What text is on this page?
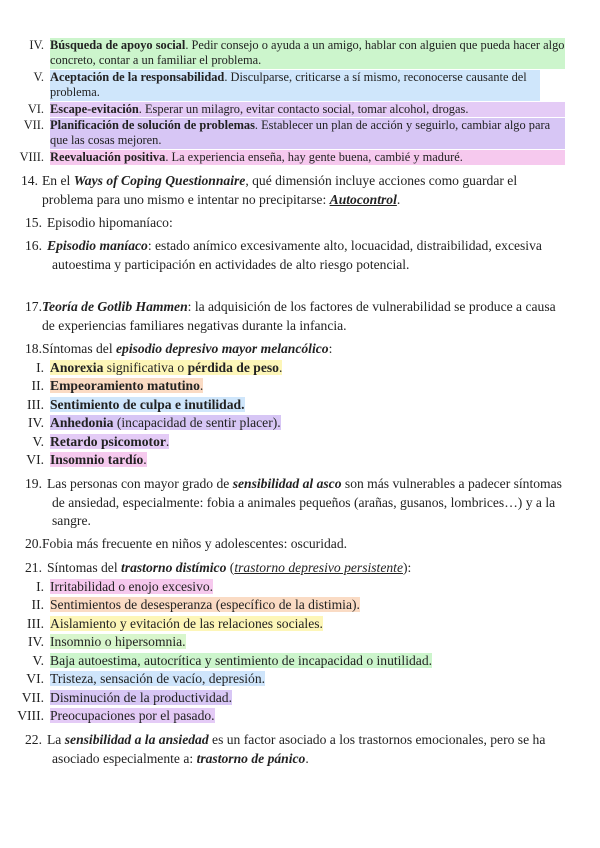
IV. Búsqueda de apoyo social. Pedir consejo o ayuda a un amigo, hablar con alguien que pueda hacer algo concreto, contar a un familiar el problema.
V. Aceptación de la responsabilidad. Disculparse, criticarse a sí mismo, reconocerse causante del problema.
VI. Escape-evitación. Esperar un milagro, evitar contacto social, tomar alcohol, drogas.
VII. Planificación de solución de problemas. Establecer un plan de acción y seguirlo, cambiar algo para que las cosas mejoren.
VIII. Reevaluación positiva. La experiencia enseña, hay gente buena, cambié y maduré.
14. En el Ways of Coping Questionnaire, qué dimensión incluye acciones como guardar el problema para uno mismo e intentar no precipitarse: Autocontrol.
15. Episodio hipomaníaco:
16. Episodio maníaco: estado anímico excesivamente alto, locuacidad, distraibilidad, excesiva autoestima y participación en actividades de alto riesgo potencial.
17. Teoría de Gotlib Hammen: la adquisición de los factores de vulnerabilidad se produce a causa de experiencias familiares negativas durante la infancia.
18. Síntomas del episodio depresivo mayor melancólico:
I. Anorexia significativa o pérdida de peso.
II. Empeoramiento matutino.
III. Sentimiento de culpa e inutilidad.
IV. Anhedonia (incapacidad de sentir placer).
V. Retardo psicomotor.
VI. Insomnio tardío.
19. Las personas con mayor grado de sensibilidad al asco son más vulnerables a padecer síntomas de ansiedad, especialmente: fobia a animales pequeños (arañas, gusanos, lombrices…) y a la sangre.
20. Fobia más frecuente en niños y adolescentes: oscuridad.
21. Síntomas del trastorno distímico (trastorno depresivo persistente):
I. Irritabilidad o enojo excesivo.
II. Sentimientos de desesperanza (específico de la distimia).
III. Aislamiento y evitación de las relaciones sociales.
IV. Insomnio o hipersomnia.
V. Baja autoestima, autocrítica y sentimiento de incapacidad o inutilidad.
VI. Tristeza, sensación de vacío, depresión.
VII. Disminución de la productividad.
VIII. Preocupaciones por el pasado.
22. La sensibilidad a la ansiedad es un factor asociado a los trastornos emocionales, pero se ha asociado especialmente a: trastorno de pánico.
